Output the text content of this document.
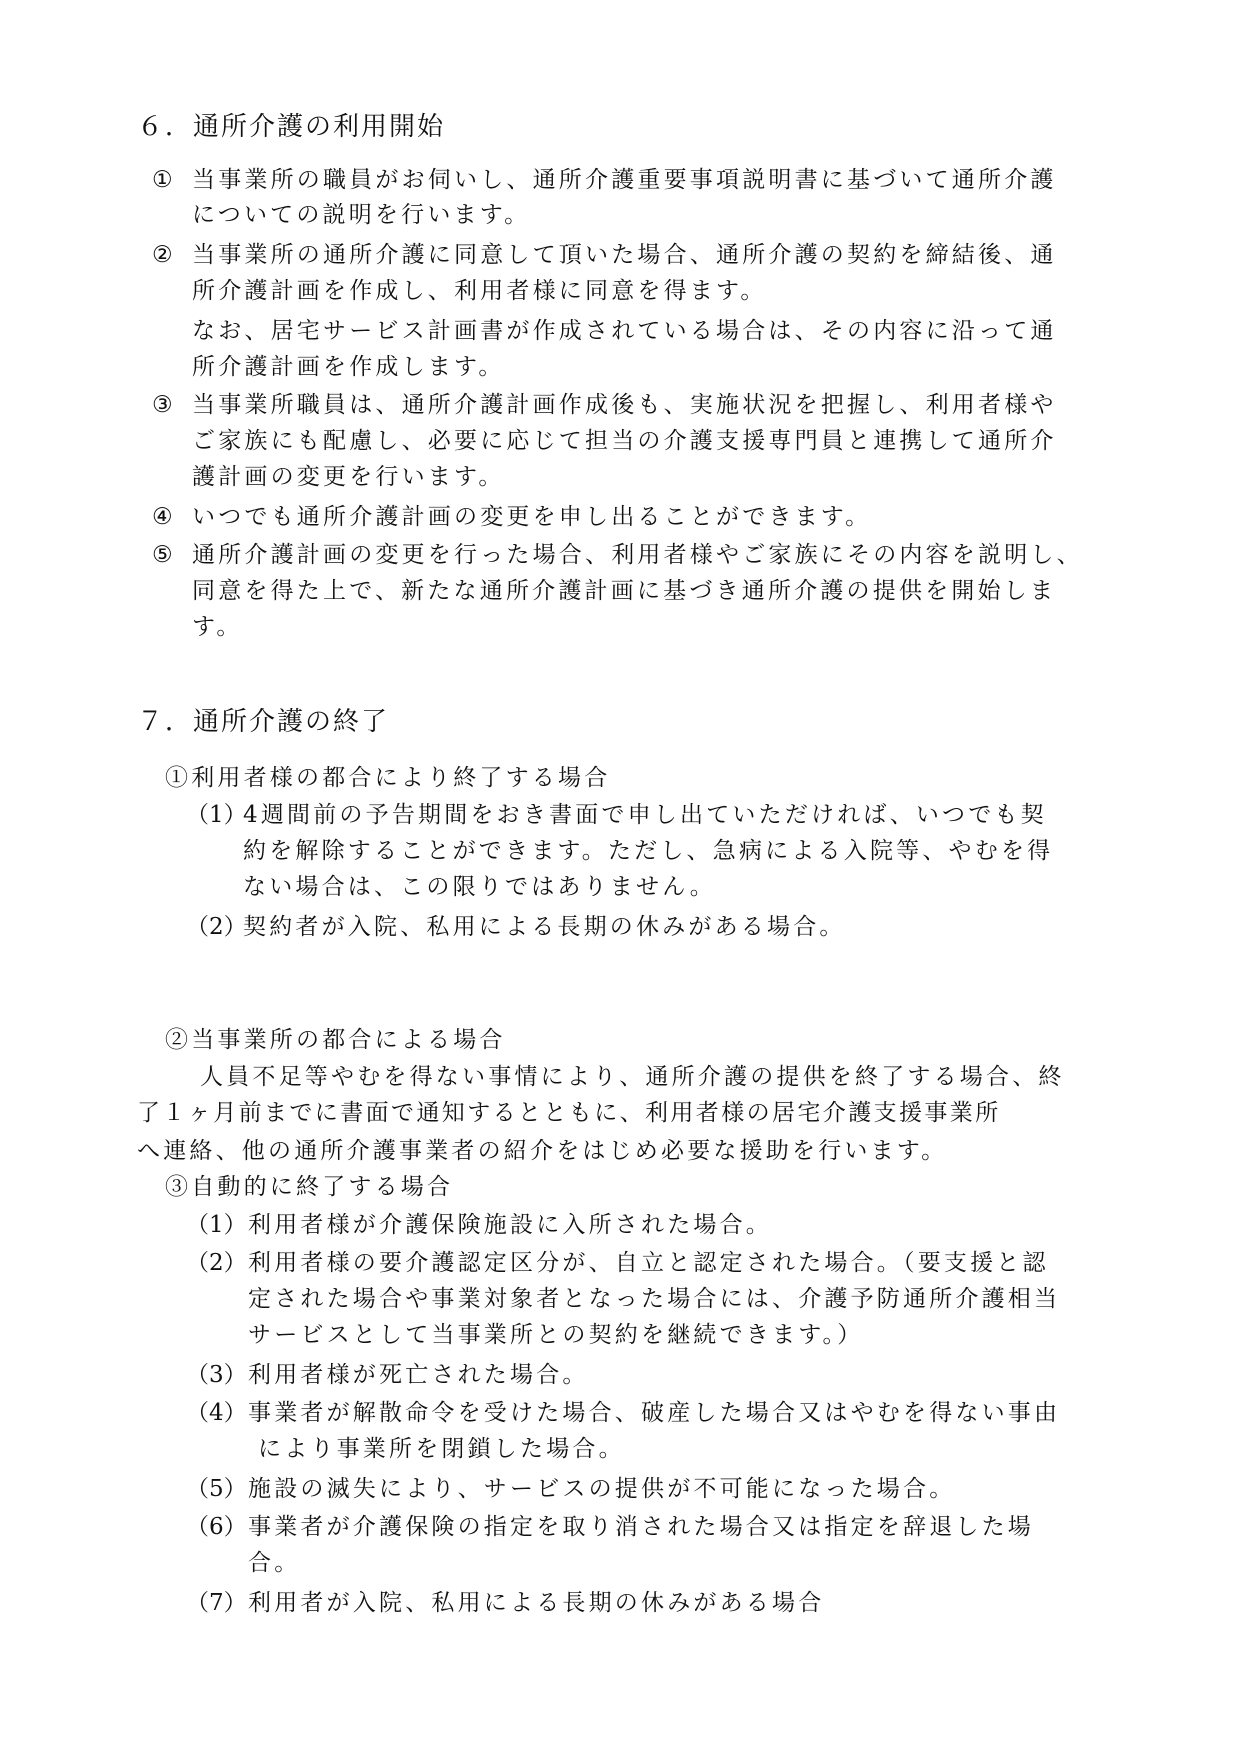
６．通所介護の利用開始
① 当事業所の職員がお伺いし、通所介護重要事項説明書に基づいて通所介護
についての説明を行います。
② 当事業所の通所介護に同意して頂いた場合、通所介護の契約を締結後、通
所介護計画を作成し、利用者様に同意を得ます。
なお、居宅サービス計画書が作成されている場合は、その内容に沿って通
所介護計画を作成します。
③ 当事業所職員は、通所介護計画作成後も、実施状況を把握し、利用者様や
ご家族にも配慮し、必要に応じて担当の介護支援専門員と連携して通所介
護計画の変更を行います。
④ いつでも通所介護計画の変更を申し出ることができます。
⑤ 通所介護計画の変更を行った場合、利用者様やご家族にその内容を説明し、
同意を得た上で、新たな通所介護計画に基づき通所介護の提供を開始しま
す。
７．通所介護の終了
①利用者様の都合により終了する場合
（1）
4週間前の予告期間をおき書面で申し出ていただければ、いつでも契
約を解除することができます。ただし、急病による入院等、やむを得
ない場合は、この限りではありません。
（2）
契約者が入院、私用による長期の休みがある場合。
②当事業所の都合による場合
人員不足等やむを得ない事情により、通所介護の提供を終了する場合、終
了１ヶ月前までに書面で通知するとともに、利用者様の居宅介護支援事業所
へ連絡、他の通所介護事業者の紹介をはじめ必要な援助を行います。
③自動的に終了する場合
（1） 利用者様が介護保険施設に入所された場合。
（2） 利用者様の要介護認定区分が、自立と認定された場合。（要支援と認
定された場合や事業対象者となった場合には、介護予防通所介護相当
サービスとして当事業所との契約を継続できます。）
（3） 利用者様が死亡された場合。
（4） 事業者が解散命令を受けた場合、破産した場合又はやむを得ない事由
により事業所を閉鎖した場合。
（5） 施設の滅失により、サービスの提供が不可能になった場合。
（6） 事業者が介護保険の指定を取り消された場合又は指定を辞退した場
合。
（7） 利用者が入院、私用による長期の休みがある場合
